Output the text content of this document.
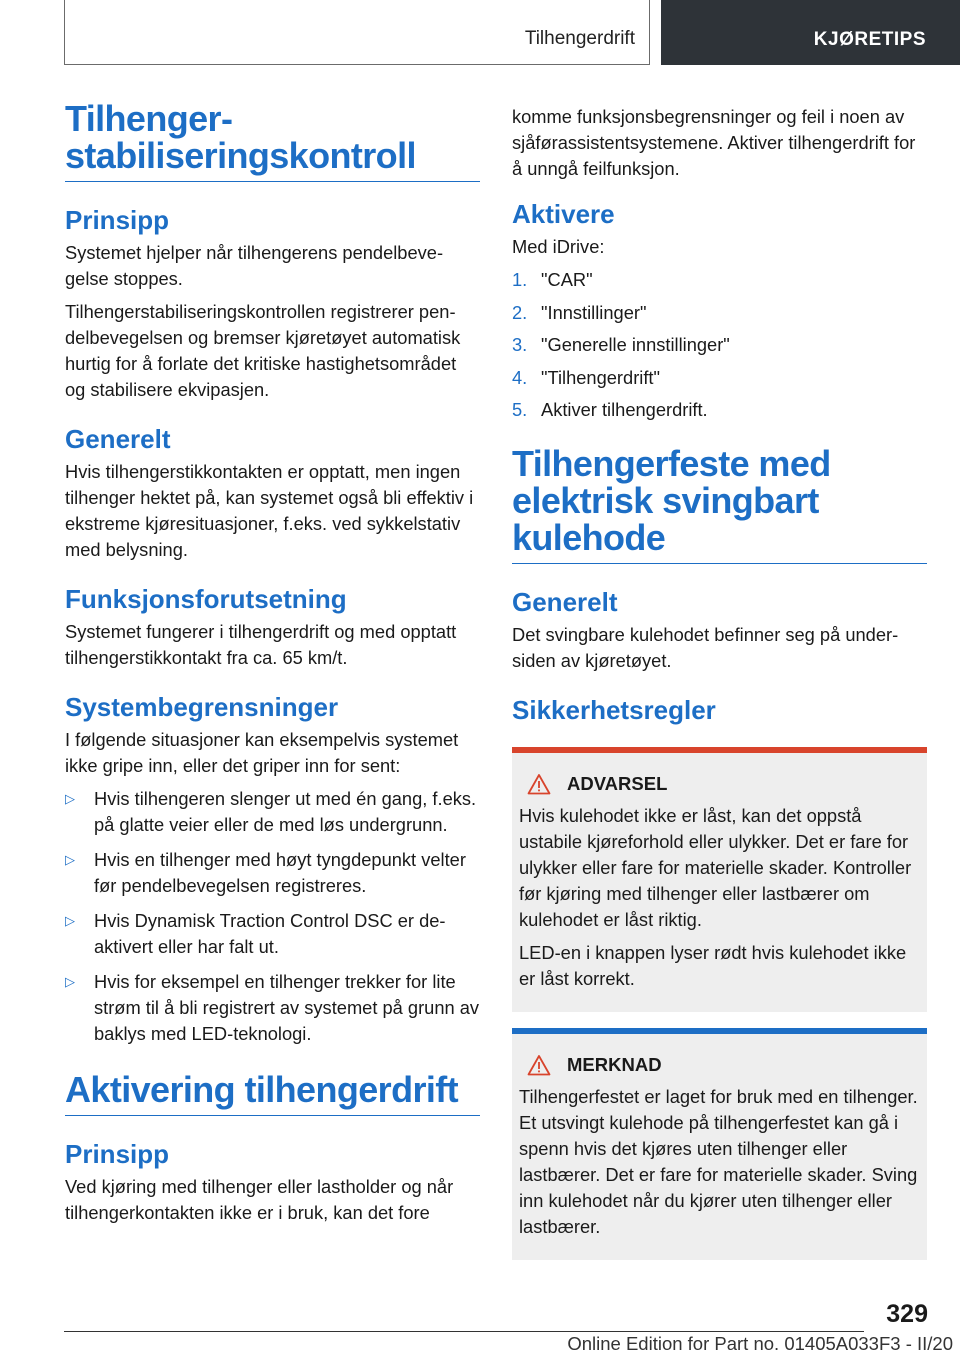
Tilhengerdrift	KJØRETIPS
Tilhengerstabiliseringskontroll
Prinsipp

Systemet hjelper når tilhengerens pendelbevegelse stoppes.

Tilhengerstabiliseringskontrollen registrerer pendelbevegelsen og bremser kjøretøyet automatisk hurtig for å forlate det kritiske hastighetsområdet og stabilisere ekvipasjen.

Generelt

Hvis tilhengerstikkontakten er opptatt, men ingen tilhenger hektet på, kan systemet også bli effektiv i ekstreme kjøresituasjoner, f.eks. ved sykkelstativ med belysning.

Funksjonsforutsetning

Systemet fungerer i tilhengerdrift og med opptatt tilhengerstikkontakt fra ca. 65 km/t.

Systembegrensninger

I følgende situasjoner kan eksempelvis systemet ikke gripe inn, eller det griper inn for sent:

▷ Hvis tilhengeren slenger ut med én gang, f.eks. på glatte veier eller de med løs undergrunn.
▷ Hvis en tilhenger med høyt tyngdepunkt velter før pendelbevegelsen registreres.
▷ Hvis Dynamisk Traction Control DSC er deaktivert eller har falt ut.
▷ Hvis for eksempel en tilhenger trekker for lite strøm til å bli registrert av systemet på grunn av baklys med LED-teknologi.
Aktivering tilhengerdrift
Prinsipp

Ved kjøring med tilhenger eller lastholder og når tilhengerkontakten ikke er i bruk, kan det fore

komme funksjonsbegrensninger og feil i noen av sjåførassistentsystemene. Aktiver tilhengerdrift for å unngå feilfunksjon.

Aktivere

Med iDrive:

1. "CAR"
2. "Innstillinger"
3. "Generelle innstillinger"
4. "Tilhengerdrift"
5. Aktiver tilhengerdrift.
Tilhengerfeste med elektrisk svingbart kulehode
Generelt

Det svingbare kulehodet befinner seg på undersiden av kjøretøyet.

Sikkerhetsregler
ADVARSEL

Hvis kulehodet ikke er låst, kan det oppstå ustabile kjøreforhold eller ulykker. Det er fare for ulykker eller fare for materielle skader. Kontroller før kjøring med tilhenger eller lastbærer om kulehodet er låst riktig.

LED-en i knappen lyser rødt hvis kulehodet ikke er låst korrekt.

MERKNAD

Tilhengerfestet er laget for bruk med en tilhenger. Et utsvingt kulehode på tilhengerfestet kan gå i spenn hvis det kjøres uten tilhenger eller lastbærer. Det er fare for materielle skader. Sving inn kulehodet når du kjører uten tilhenger eller lastbærer.

329
Online Edition for Part no. 01405A033F3 - II/20
